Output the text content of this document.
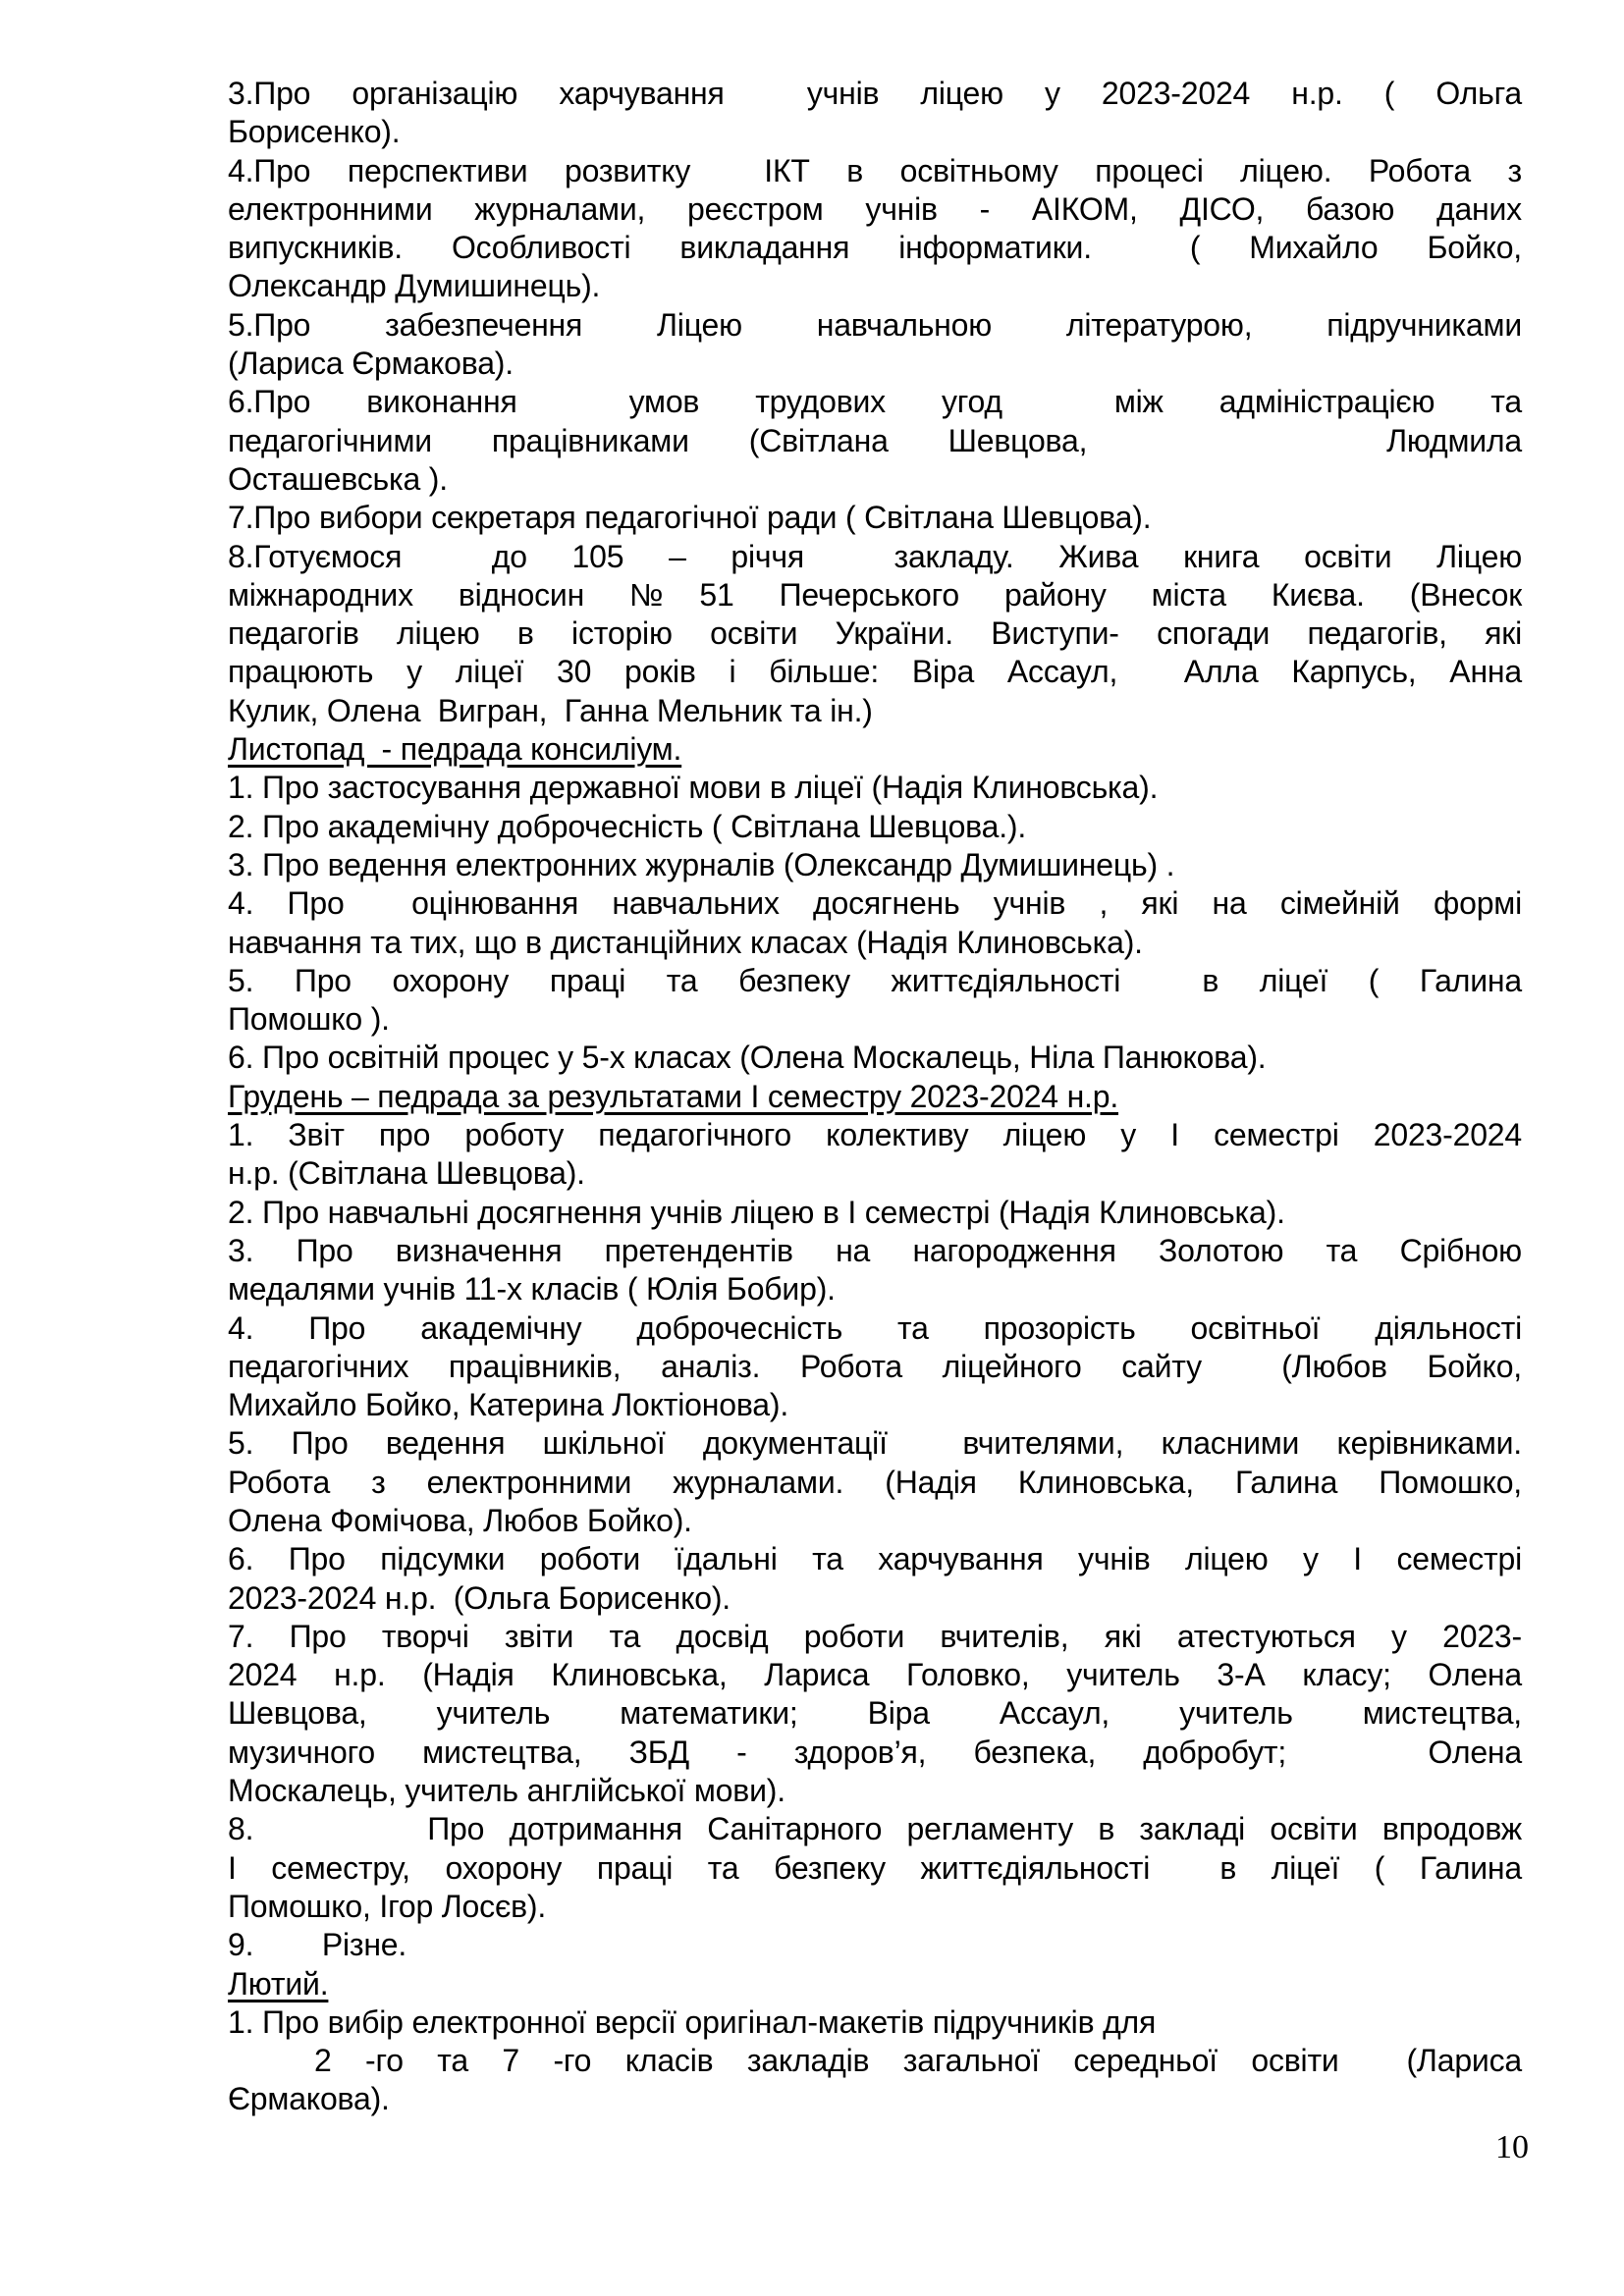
3.Про організацію харчування  учнів ліцею у 2023-2024 н.р. ( Ольга
Борисенко).
4.Про перспективи розвитку  ІКТ в освітньому процесі ліцею. Робота з
електронними журналами, реєстром учнів - АІКОМ, ДІСО, базою даних
випускників. Особливості викладання інформатики.  ( Михайло Бойко,
Олександр Думишинець).
5.Про забезпечення Ліцею навчальною літературою, підручниками
(Лариса Єрмакова).
6.Про виконання  умов трудових угод  між адміністрацією та
педагогічними працівниками (Світлана Шевцова,     Людмила
Осташевська ).
7.Про вибори секретаря педагогічної ради ( Світлана Шевцова).
8.Готуємося  до 105 – річчя  закладу. Жива книга освіти Ліцею
міжнародних відносин №51 Печерського району міста Києва. (Внесок
педагогів ліцею в історію освіти України. Виступи- спогади педагогів, які
працюють у ліцеї 30 років і більше: Віра Ассаул,  Алла Карпусь, Анна
Кулик, Олена  Вигран,  Ганна Мельник та ін.)
Листопад  - педрада консиліум.
1. Про застосування державної мови в ліцеї (Надія Клиновська).
2. Про академічну доброчесність ( Світлана Шевцова.).
3. Про ведення електронних журналів (Олександр Думишинець) .
4. Про  оцінювання навчальних досягнень учнів , які на сімейній формі
навчання та тих, що в дистанційних класах (Надія Клиновська).
5. Про охорону праці та безпеку життєдіяльності  в ліцеї ( Галина
Помошко ).
6. Про освітній процес у 5-х класах (Олена Москалець, Ніла Панюкова).
Грудень – педрада за результатами І семестру 2023-2024 н.р.
1. Звіт про роботу педагогічного колективу ліцею у І семестрі 2023-2024
н.р. (Світлана Шевцова).
2. Про навчальні досягнення учнів ліцею в І семестрі (Надія Клиновська).
3. Про визначення претендентів на нагородження Золотою та Срібною
медалями учнів 11-х класів ( Юлія Бобир).
4. Про академічну доброчесність та прозорість освітньої діяльності
педагогічних працівників, аналіз. Робота ліцейного сайту  (Любов Бойко,
Михайло Бойко, Катерина Локтіонова).
5. Про ведення шкільної документації  вчителями, класними керівниками.
Робота з електронними журналами. (Надія Клиновська, Галина Помошко,
Олена Фомічова, Любов Бойко).
6. Про підсумки роботи їдальні та харчування учнів ліцею у І семестрі
2023-2024 н.р.  (Ольга Борисенко).
7. Про творчі звіти та досвід роботи вчителів, які атестуються у 2023-
2024 н.р. (Надія Клиновська, Лариса Головко, учитель 3-А класу; Олена
Шевцова, учитель математики; Віра Ассаул, учитель мистецтва,
музичного мистецтва, ЗБД - здоров’я, безпека, добробут;   Олена
Москалець, учитель англійської мови).
8.       Про дотримання Санітарного регламенту в закладі освіти впродовж
І семестру, охорону праці та безпеку життєдіяльності  в ліцеї ( Галина
Помошко, Ігор Лосєв).
9.        Різне.
Лютий.
1. Про вибір електронної версії оригінал-макетів підручників для
2 -го та 7 -го класів закладів загальної середньої освіти  (Лариса
Єрмакова).
10
